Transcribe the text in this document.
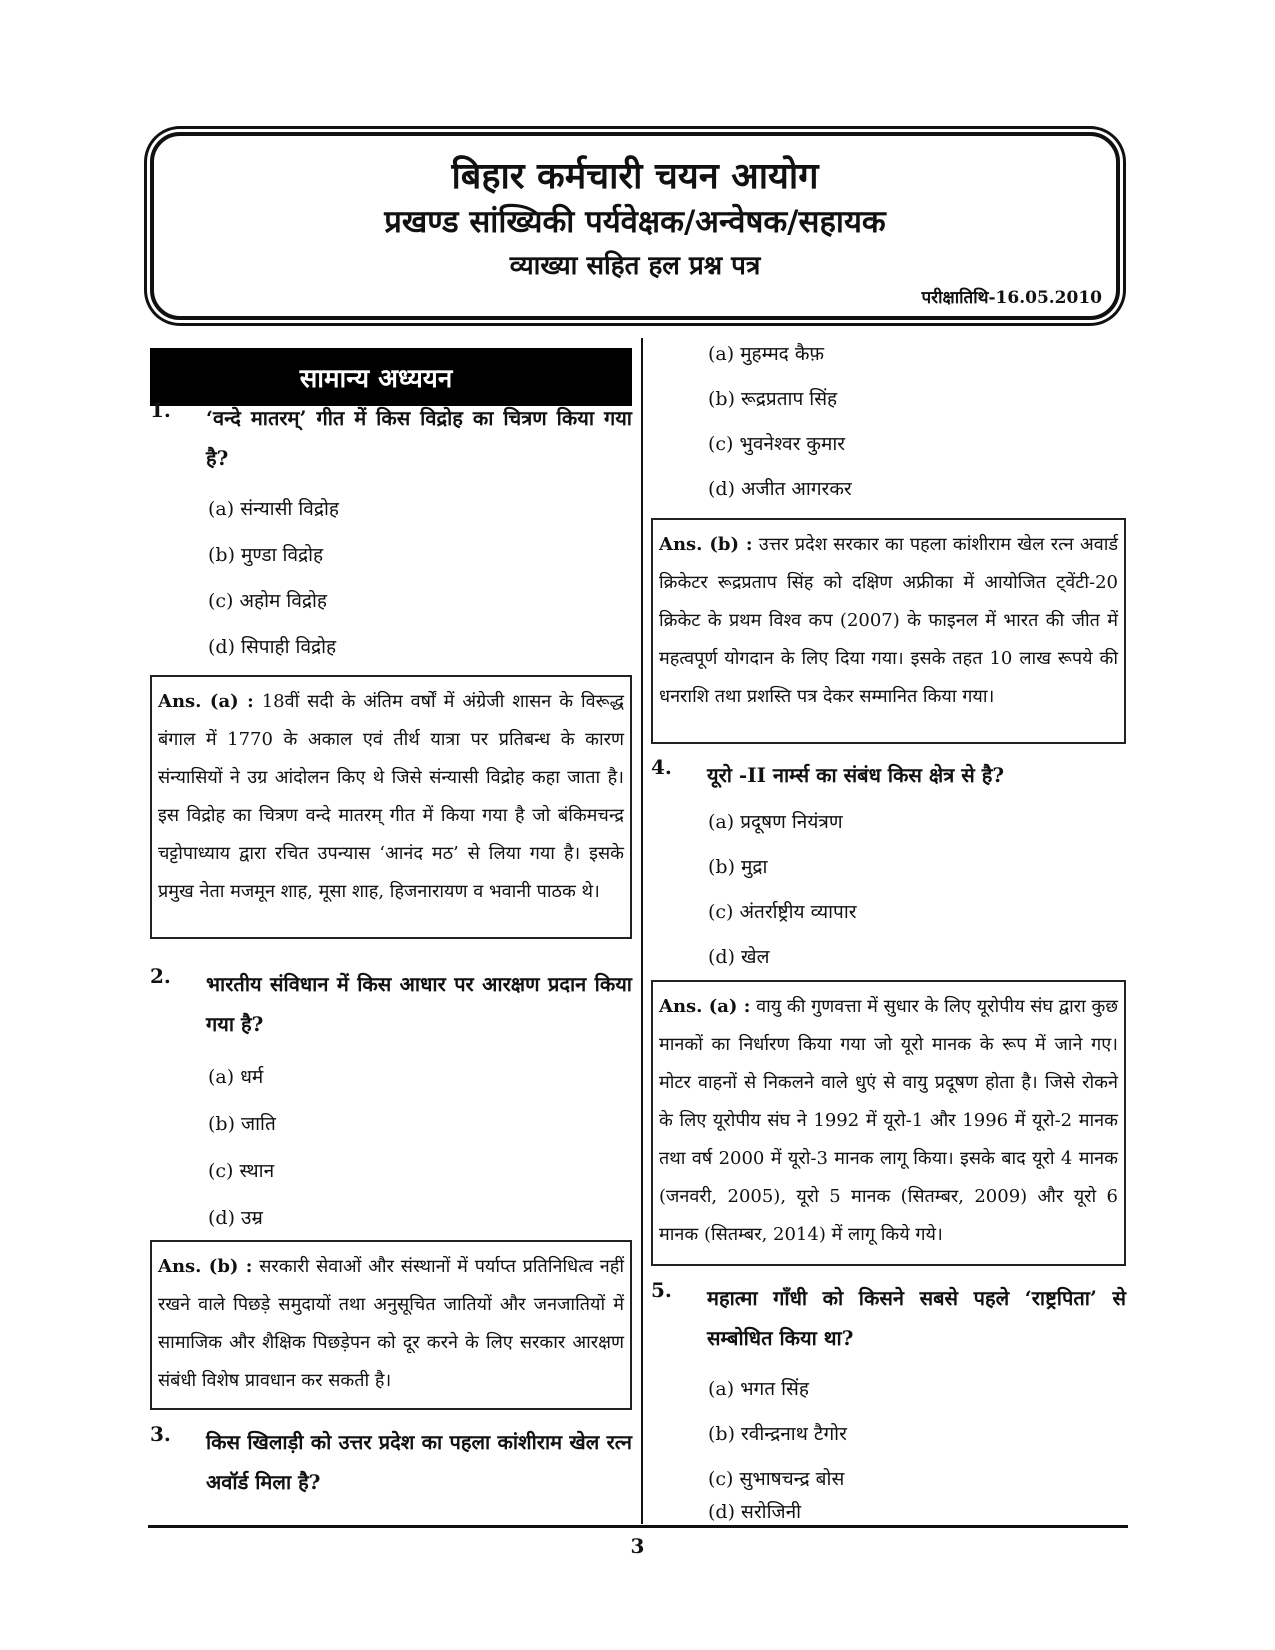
बिहार कर्मचारी चयन आयोग
प्रखण्ड सांख्यिकी पर्यवेक्षक/अन्वेषक/सहायक
व्याख्या सहित हल प्रश्न पत्र
परीक्षातिथि-16.05.2010
सामान्य अध्ययन
1. ‘वन्दे मातरम्’ गीत में किस विद्रोह का चित्रण किया गया है?
(a) संन्यासी विद्रोह
(b) मुण्डा विद्रोह
(c) अहोम विद्रोह
(d) सिपाही विद्रोह
Ans. (a) : 18वीं सदी के अंतिम वर्षों में अंग्रेजी शासन के विरूद्ध बंगाल में 1770 के अकाल एवं तीर्थ यात्रा पर प्रतिबन्ध के कारण संन्यासियों ने उग्र आंदोलन किए थे जिसे संन्यासी विद्रोह कहा जाता है। इस विद्रोह का चित्रण वन्दे मातरम् गीत में किया गया है जो बंकिमचन्द्र चट्टोपाध्याय द्वारा रचित उपन्यास ‘आनंद मठ’ से लिया गया है। इसके प्रमुख नेता मजमून शाह, मूसा शाह, हिजनारायण व भवानी पाठक थे।
2. भारतीय संविधान में किस आधार पर आरक्षण प्रदान किया गया है?
(a) धर्म
(b) जाति
(c) स्थान
(d) उम्र
Ans. (b) : सरकारी सेवाओं और संस्थानों में पर्याप्त प्रतिनिधित्व नहीं रखने वाले पिछड़े समुदायों तथा अनुसूचित जातियों और जनजातियों में सामाजिक और शैक्षिक पिछड़ेपन को दूर करने के लिए सरकार आरक्षण संबंधी विशेष प्रावधान कर सकती है।
3. किस खिलाड़ी को उत्तर प्रदेश का पहला कांशीराम खेल रत्न अवॉर्ड मिला है?
(a) मुहम्मद कैफ़
(b) रूद्रप्रताप सिंह
(c) भुवनेश्वर कुमार
(d) अजीत आगरकर
Ans. (b) : उत्तर प्रदेश सरकार का पहला कांशीराम खेल रत्न अवार्ड क्रिकेटर रूद्रप्रताप सिंह को दक्षिण अफ्रीका में आयोजित ट्वेंटी-20 क्रिकेट के प्रथम विश्व कप (2007) के फाइनल में भारत की जीत में महत्वपूर्ण योगदान के लिए दिया गया। इसके तहत 10 लाख रूपये की धनराशि तथा प्रशस्ति पत्र देकर सम्मानित किया गया।
4. यूरो -II नार्म्स का संबंध किस क्षेत्र से है?
(a) प्रदूषण नियंत्रण
(b) मुद्रा
(c) अंतर्राष्ट्रीय व्यापार
(d) खेल
Ans. (a) : वायु की गुणवत्ता में सुधार के लिए यूरोपीय संघ द्वारा कुछ मानकों का निर्धारण किया गया जो यूरो मानक के रूप में जाने गए। मोटर वाहनों से निकलने वाले धुएं से वायु प्रदूषण होता है। जिसे रोकने के लिए यूरोपीय संघ ने 1992 में यूरो-1 और 1996 में यूरो-2 मानक तथा वर्ष 2000 में यूरो-3 मानक लागू किया। इसके बाद यूरो 4 मानक (जनवरी, 2005), यूरो 5 मानक (सितम्बर, 2009) और यूरो 6 मानक (सितम्बर, 2014) में लागू किये गये।
5. महात्मा गाँधी को किसने सबसे पहले ‘राष्ट्रपिता’ से सम्बोधित किया था?
(a) भगत सिंह
(b) रवीन्द्रनाथ टैगोर
(c) सुभाषचन्द्र बोस
(d) सरोजिनी
3
